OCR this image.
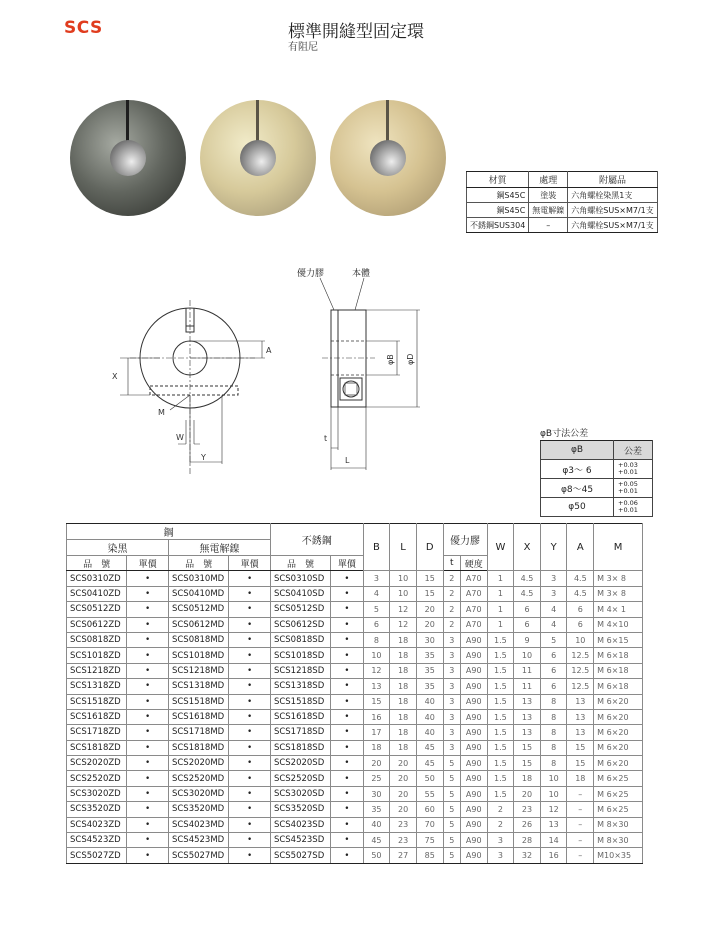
SCS	標準開縫型固定環
有阻尼
材質	處理	附屬品
鋼S45C	塗裝	六角螺栓染黑1支
鋼S45C	無電解鎳	六角螺栓SUS×M7/1支
不銹鋼SUS304	–	六角螺栓SUS×M7/1支
優力膠	本體
A
X
M
W
Y
t
L
φB φD
φB寸法公差
φB	公差
φ3〜 6	+0.03
+0.01

φ8〜45	+0.05
+0.01

φ50	+0.06
+0.01
鋼				不銹鋼		B	L	D	優力膠		W	X	Y	A	M
染黑		無電解鎳													
品　號	單價	品　號	單價	品　號	單價				t	硬度					
SCS0310ZD	•	SCS0310MD	•	SCS0310SD	•	3	10	15	2	A70	1	4.5	3	4.5	M 3× 8
SCS0410ZD	•	SCS0410MD	•	SCS0410SD	•	4	10	15	2	A70	1	4.5	3	4.5	M 3× 8
SCS0512ZD	•	SCS0512MD	•	SCS0512SD	•	5	12	20	2	A70	1	6	4	6	M 4× 1
SCS0612ZD	•	SCS0612MD	•	SCS0612SD	•	6	12	20	2	A70	1	6	4	6	M 4×10
SCS0818ZD	•	SCS0818MD	•	SCS0818SD	•	8	18	30	3	A90	1.5	9	5	10	M 6×15
SCS1018ZD	•	SCS1018MD	•	SCS1018SD	•	10	18	35	3	A90	1.5	10	6	12.5	M 6×18
SCS1218ZD	•	SCS1218MD	•	SCS1218SD	•	12	18	35	3	A90	1.5	11	6	12.5	M 6×18
SCS1318ZD	•	SCS1318MD	•	SCS1318SD	•	13	18	35	3	A90	1.5	11	6	12.5	M 6×18
SCS1518ZD	•	SCS1518MD	•	SCS1518SD	•	15	18	40	3	A90	1.5	13	8	13	M 6×20
SCS1618ZD	•	SCS1618MD	•	SCS1618SD	•	16	18	40	3	A90	1.5	13	8	13	M 6×20
SCS1718ZD	•	SCS1718MD	•	SCS1718SD	•	17	18	40	3	A90	1.5	13	8	13	M 6×20
SCS1818ZD	•	SCS1818MD	•	SCS1818SD	•	18	18	45	3	A90	1.5	15	8	15	M 6×20
SCS2020ZD	•	SCS2020MD	•	SCS2020SD	•	20	20	45	5	A90	1.5	15	8	15	M 6×20
SCS2520ZD	•	SCS2520MD	•	SCS2520SD	•	25	20	50	5	A90	1.5	18	10	18	M 6×25
SCS3020ZD	•	SCS3020MD	•	SCS3020SD	•	30	20	55	5	A90	1.5	20	10	–	M 6×25
SCS3520ZD	•	SCS3520MD	•	SCS3520SD	•	35	20	60	5	A90	2	23	12	–	M 6×25
SCS4023ZD	•	SCS4023MD	•	SCS4023SD	•	40	23	70	5	A90	2	26	13	–	M 8×30
SCS4523ZD	•	SCS4523MD	•	SCS4523SD	•	45	23	75	5	A90	3	28	14	–	M 8×30
SCS5027ZD	•	SCS5027MD	•	SCS5027SD	•	50	27	85	5	A90	3	32	16	–	M10×35
